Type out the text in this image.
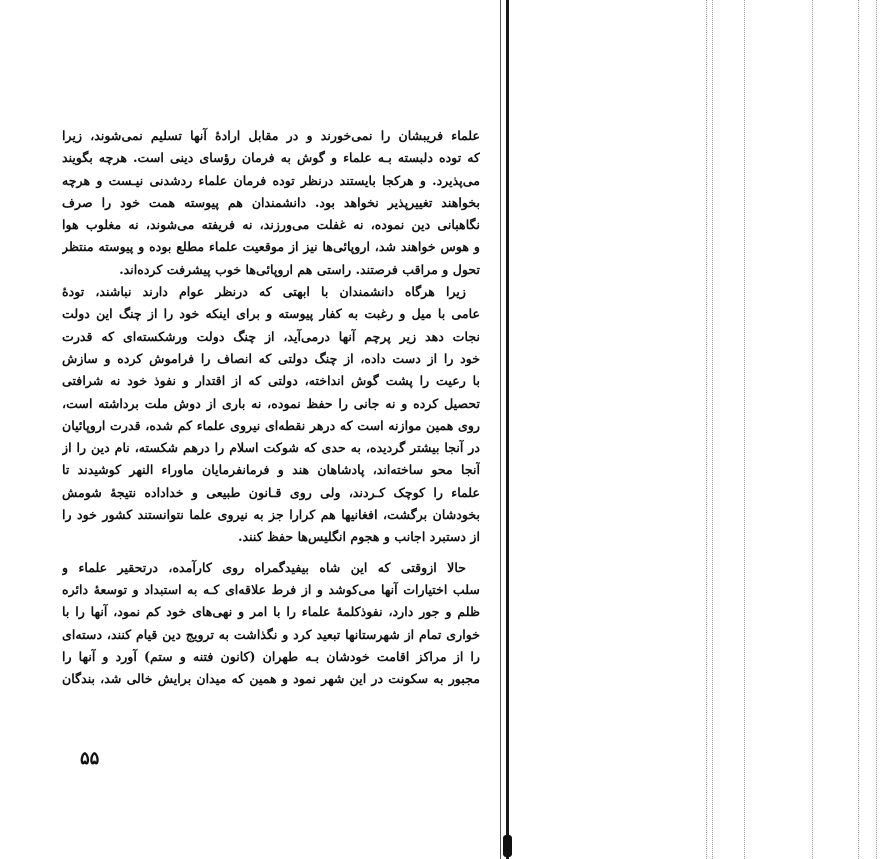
علماء فریبشان را نمی‌خورند و در مقابل ارادهٔ آنها تسلیم نمی‌شوند، زیرا
که توده دلبسته بـه علماء و گوش به فرمان رؤسای دینی است. هرچه بگویند
می‌پذیرد. و هرکجا بایستند درنظر توده فرمان علماء ردشدنی نیـست و هرچه
بخواهند تغییرپذیر نخواهد بود. دانشمندان هم پیوسته همت خود را صرف
نگاهبانی دین نموده، نه غفلت می‌ورزند، نه فریفته می‌شوند، نه مغلوب هوا
و هوس خواهند شد، اروپائی‌ها نیز از موقعیت علماء مطلع بوده و پیوسته منتظر
تحول و مراقب فرصتند. راستی هم اروپائی‌ها خوب پیشرفت کرده‌اند.
زیرا هرگاه دانشمندان با ابهتی که درنظر عوام دارند نباشند، تودهٔ
عامی با میل و رغبت به کفار پیوسته و برای اینکه خود را از چنگ این دولت
نجات دهد زیر پرچم آنها درمی‌آید، از چنگ دولت ورشکسته‌ای که قدرت
خود را از دست داده، از چنگ دولتی که انصاف را فراموش کرده و سازش
با رعیت را پشت گوش انداخته، دولتی که از اقتدار و نفوذ خود نه شرافتی
تحصیل کرده و نه جانی را حفظ نموده، نه باری از دوش ملت برداشته است،
روی همین موازنه است که درهر نقطه‌ای نیروی علماء کم شده، قدرت اروپائیان
در آنجا بیشتر گردیده، به حدی که شوکت اسلام را درهم شکسته، نام دین را از
آنجا محو ساخته‌اند، پادشاهان هند و فرمانفرمایان ماوراء النهر کوشیدند تا
علماء را کوچک کـردند، ولی روی قـانون طبیعی و خداداده نتیجهٔ شومش
بخودشان برگشت، افغانیها هم کرارا جز به نیروی علما نتوانستند کشور خود را
از دستبرد اجانب و هجوم انگلیس‌ها حفظ کنند.
حالا ازوقتی که این شاه بیفیدگمراه روی کارآمده، درتحقیر علماء و
سلب اختیارات آنها می‌کوشد و از فرط علاقه‌ای کـه به استبداد و توسعهٔ دائره
ظلم و جور دارد، نفوذکلمهٔ علماء را با امر و نهی‌های خود کم نمود، آنها را با
خواری تمام از شهرستانها تبعید کرد و نگذاشت به ترویج دین قیام کنند، دسته‌ای
را از مراکز اقامت خودشان بـه طهران (کانون فتنه و ستم) آورد و آنها را
مجبور به سکونت در این شهر نمود و همین که میدان برایش خالی شد، بندگان
۵۵
